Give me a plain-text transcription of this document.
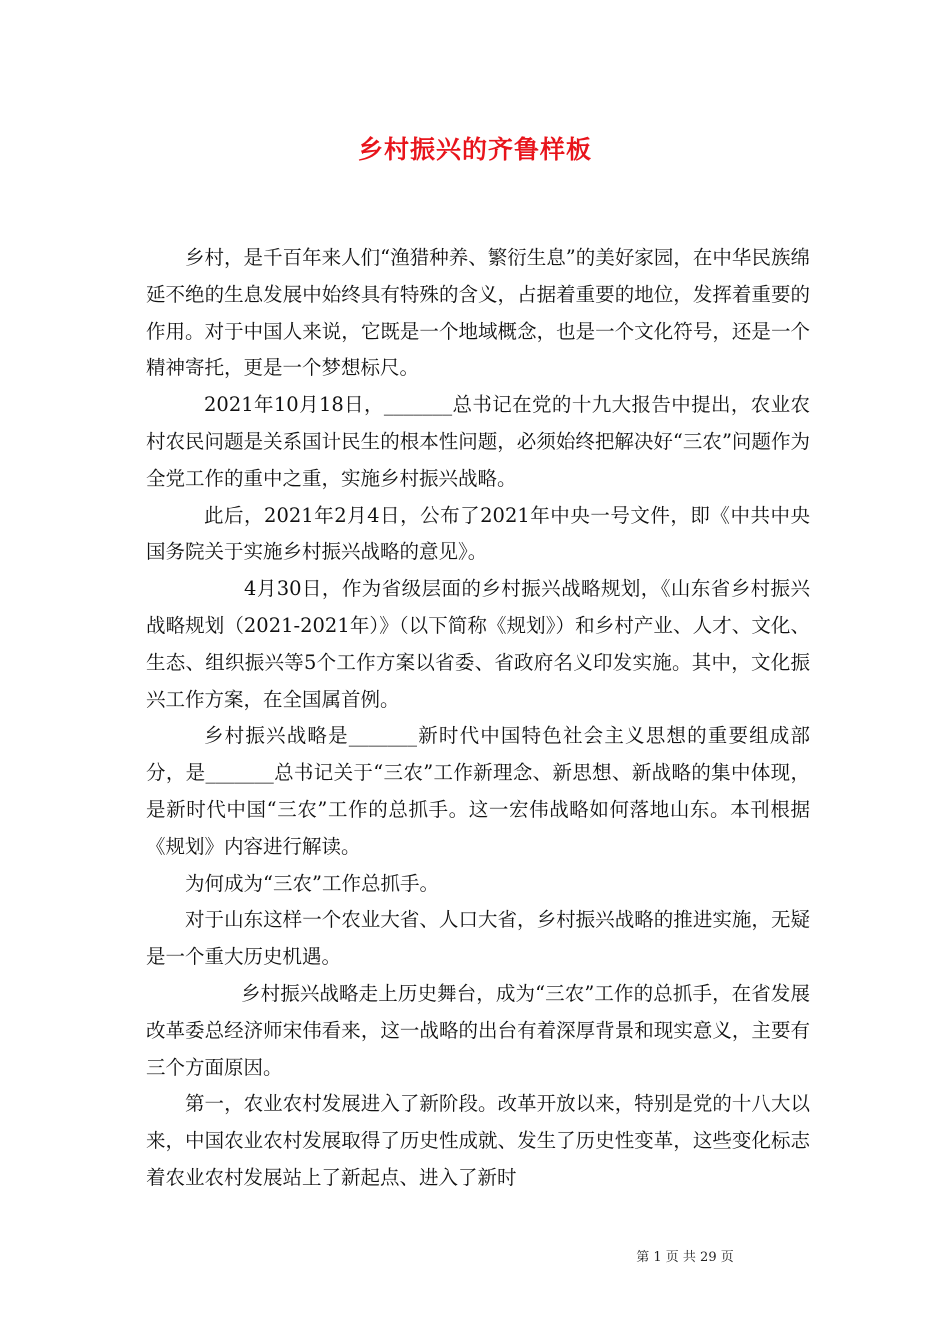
乡村振兴的齐鲁样板

乡村，是千百年来人们“渔猎种养、繁衍生息”的美好家园，在中华民族绵延不绝的生息发展中始终具有特殊的含义，占据着重要的地位，发挥着重要的作用。对于中国人来说，它既是一个地域概念，也是一个文化符号，还是一个精神寄托，更是一个梦想标尺。

2021年10月18日，_______总书记在党的十九大报告中提出，农业农村农民问题是关系国计民生的根本性问题，必须始终把解决好“三农”问题作为全党工作的重中之重，实施乡村振兴战略。

此后，2021年2月4日，公布了2021年中央一号文件，即《中共中央国务院关于实施乡村振兴战略的意见》。

4月30日，作为省级层面的乡村振兴战略规划，《山东省乡村振兴战略规划（2021-2021年）》（以下简称《规划》）和乡村产业、人才、文化、生态、组织振兴等5个工作方案以省委、省政府名义印发实施。其中，文化振兴工作方案，在全国属首例。

乡村振兴战略是_______新时代中国特色社会主义思想的重要组成部分，是_______总书记关于“三农”工作新理念、新思想、新战略的集中体现，是新时代中国“三农”工作的总抓手。这一宏伟战略如何落地山东。本刊根据《规划》内容进行解读。

为何成为“三农”工作总抓手。

对于山东这样一个农业大省、人口大省，乡村振兴战略的推进实施，无疑是一个重大历史机遇。

乡村振兴战略走上历史舞台，成为“三农”工作的总抓手，在省发展改革委总经济师宋伟看来，这一战略的出台有着深厚背景和现实意义，主要有三个方面原因。

第一，农业农村发展进入了新阶段。改革开放以来，特别是党的十八大以来，中国农业农村发展取得了历史性成就、发生了历史性变革，这些变化标志着农业农村发展站上了新起点、进入了新时

第 1 页 共 29 页
